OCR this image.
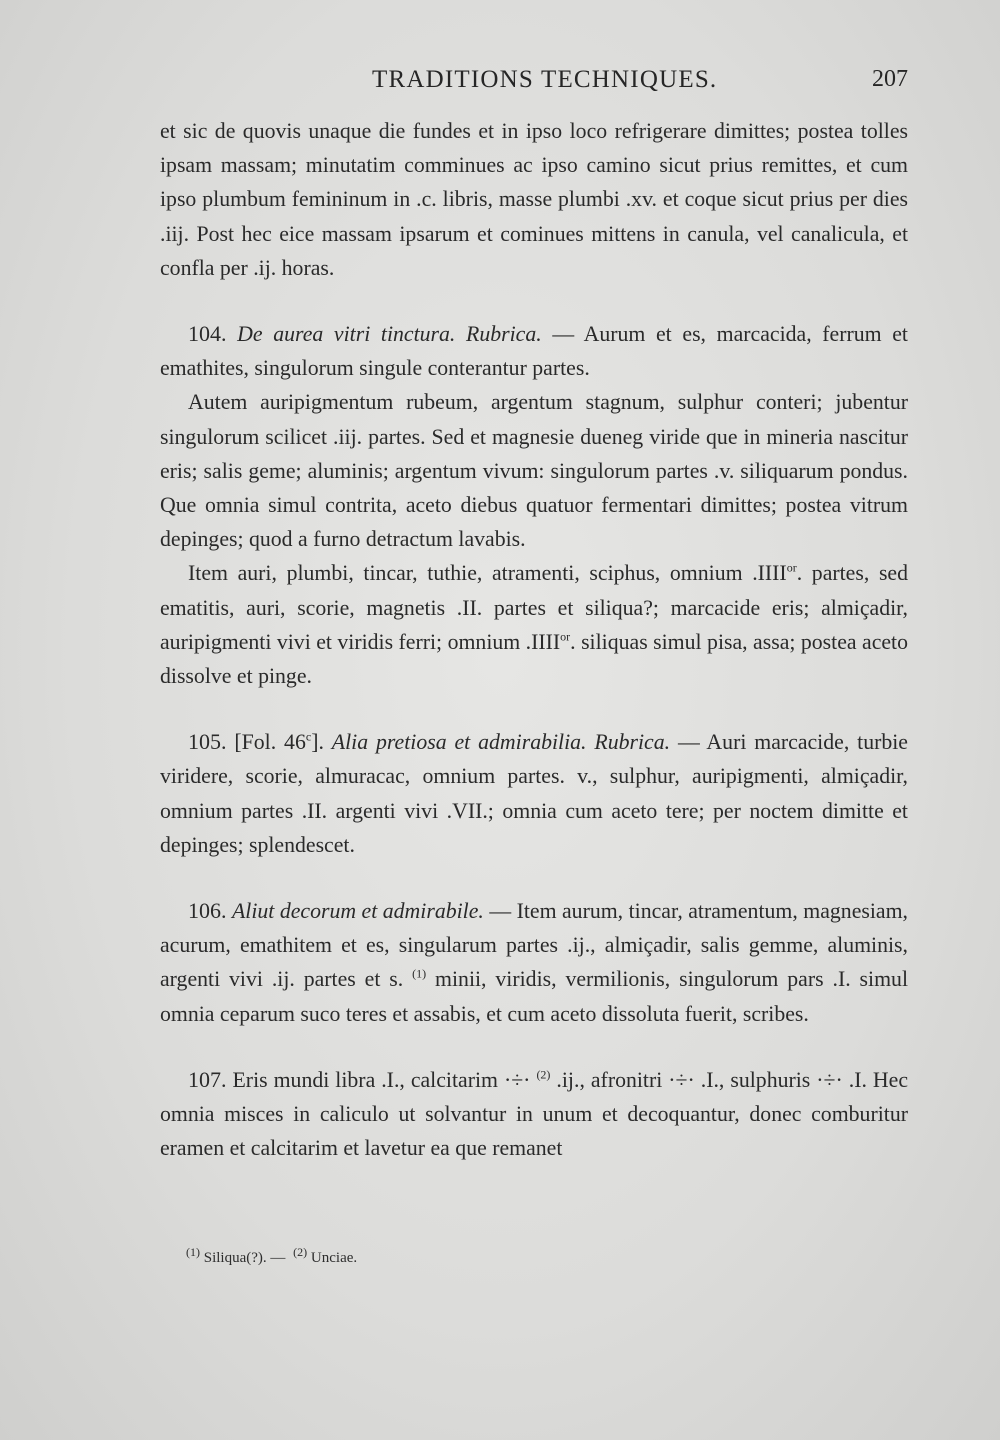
TRADITIONS TECHNIQUES.	207

et sic de quovis unaque die fundes et in ipso loco refrigerare dimittes; postea tolles ipsam massam; minutatim comminues ac ipso camino sicut prius remittes, et cum ipso plumbum femininum in .c. libris, masse plumbi .xv. et coque sicut prius per dies .iij. Post hec eice massam ipsarum et cominues mittens in canula, vel canalicula, et confla per .ij. horas.

104. De aurea vitri tinctura. Rubrica. — Aurum et es, marcacida, ferrum et emathites, singulorum singule conterantur partes.

Autem auripigmentum rubeum, argentum stagnum, sulphur conteri; jubentur singulorum scilicet .iij. partes. Sed et magnesie dueneg viride que in mineria nascitur eris; salis geme; aluminis; argentum vivum: singulorum partes .v. siliquarum pondus. Que omnia simul contrita, aceto diebus quatuor fermentari dimittes; postea vitrum depinges; quod a furno detractum lavabis.

Item auri, plumbi, tincar, tuthie, atramenti, sciphus, omnium $.IIII^{or}$. partes, sed ematitis, auri, scorie, magnetis .II. partes et siliqua?; marcacide eris; almiçadir, auripigmenti vivi et viridis ferri; omnium $.IIII^{or}$. siliquas simul pisa, assa; postea aceto dissolve et pinge.

105. [Fol. 46$^c$]. Alia pretiosa et admirabilia. Rubrica. — Auri marcacide, turbie viridere, scorie, almuracac, omnium partes. v., sulphur, auripigmenti, almiçadir, omnium partes .II. argenti vivi .VII.; omnia cum aceto tere; per noctem dimitte et depinges; splendescet.

106. Aliut decorum et admirabile. — Item aurum, tincar, atramentum, magnesiam, acurum, emathitem et es, singularum partes .ij., almiçadir, salis gemme, aluminis, argenti vivi .ij. partes et s. $^{(1)}$ minii, viridis, vermilionis, singulorum pars .I. simul omnia ceparum suco teres et assabis, et cum aceto dissoluta fuerit, scribes.

107. Eris mundi libra .I., calcitarim ·÷· $^{(2)}$ .ij., afronitri ·÷· .I., sulphuris ·÷· .I. Hec omnia misces in caliculo ut solvantur in unum et decoquantur, donec comburitur eramen et calcitarim et lavetur ea que remanet

$^{(1)}$ Siliqua(?). — $^{(2)}$ Unciae.
